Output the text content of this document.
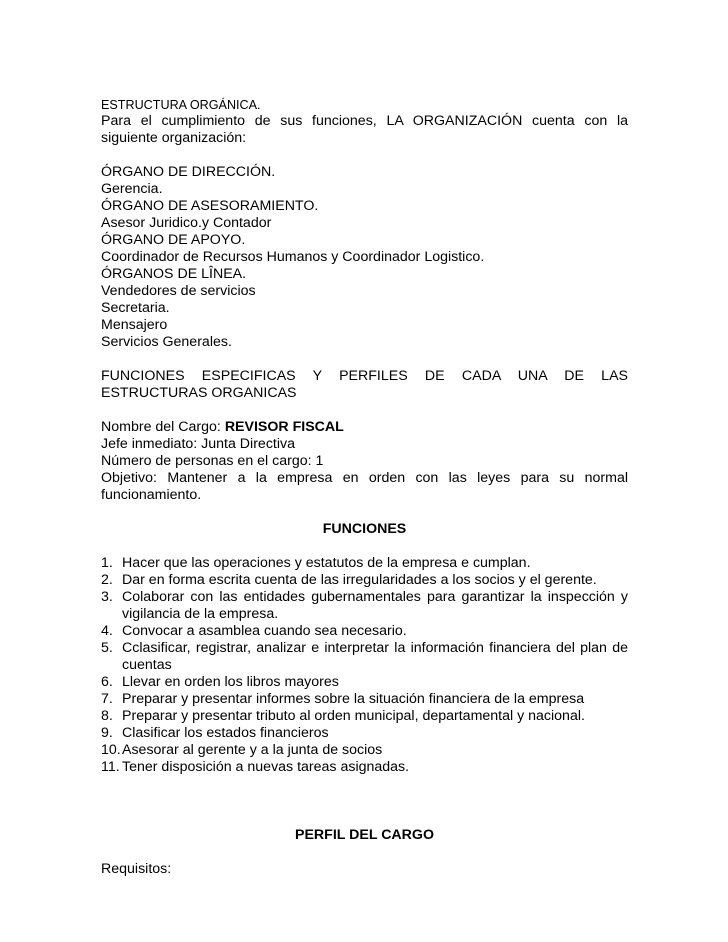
ESTRUCTURA ORGÁNICA.

Para el cumplimiento de sus funciones, LA ORGANIZACIÓN cuenta con la siguiente organización:

ÓRGANO DE DIRECCIÓN.

Gerencia.

ÓRGANO DE ASESORAMIENTO.

Asesor Juridico.y Contador

ÓRGANO DE APOYO.

Coordinador de Recursos Humanos y Coordinador Logistico.

ÓRGANOS DE LÎNEA.

Vendedores de servicios

Secretaria.

Mensajero

Servicios Generales.

FUNCIONES ESPECIFICAS Y PERFILES DE CADA UNA DE LAS ESTRUCTURAS ORGANICAS

Nombre del Cargo: REVISOR FISCAL

Jefe inmediato: Junta Directiva

Número de personas en el cargo: 1

Objetivo: Mantener a la empresa en orden con las leyes para su normal funcionamiento.

FUNCIONES

1. Hacer que las operaciones y estatutos de la empresa e cumplan.
2. Dar en forma escrita cuenta de las irregularidades a los socios y el gerente.
3. Colaborar con las entidades gubernamentales para garantizar la inspección y vigilancia de la empresa.
4. Convocar a asamblea cuando sea necesario.
5. Cclasificar, registrar, analizar e interpretar la información financiera del plan de cuentas
6. Llevar en orden los libros mayores
7. Preparar y presentar informes sobre la situación financiera de la empresa
8. Preparar y presentar tributo al orden municipal, departamental y nacional.
9. Clasificar los estados financieros
10. Asesorar al gerente y a la junta de socios
11. Tener disposición a nuevas tareas asignadas.

PERFIL DEL CARGO

Requisitos:
